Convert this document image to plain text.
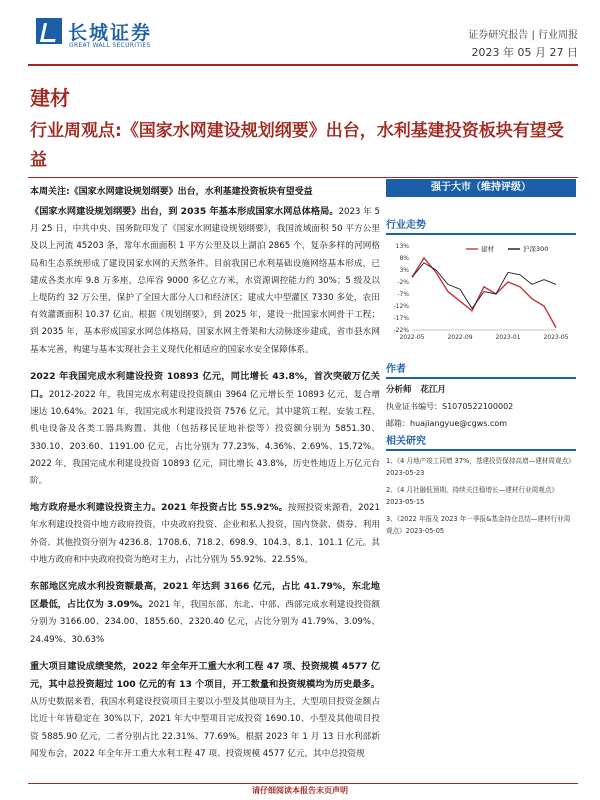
长城证券
GREAT WALL SECURITIES
证券研究报告 | 行业周报
2023 年 05 月 27 日
建材
行业周观点:《国家水网建设规划纲要》出台，水利基建投资板块有望受益
本周关注:《国家水网建设规划纲要》出台，水利基建投资板块有望受益	强于大市（维持评级）

《国家水网建设规划纲要》出台，到 2035 年基本形成国家水网总体格局。2023 年 5 月 25 日，中共中央、国务院印发了《国家水网建设规划纲要》，我国流域面积 50 平方公里及以上河流 45203 条，常年水面面积 1 平方公里及以上湖泊 2865 个，复杂多样的河网格局和生态系统形成了建设国家水网的天然条件。目前我国已水利基础设施网络基本形成，已建成各类水库 9.8 万多座，总库容 9000 多亿立方米，水资源调控能力约 30%；5 级及以上堤防约 32 万公里，保护了全国大部分人口和经济区；建成大中型灌区 7330 多处，农田有效灌溉面积 10.37 亿亩。根据《规划纲要》，到 2025 年，建设一批国家水网骨干工程；到 2035 年，基本形成国家水网总体格局，国家水网主骨架和大动脉逐步建成，省市县水网基本完善，构建与基本实现社会主义现代化相适应的国家水安全保障体系。

2022 年我国完成水利建设投资 10893 亿元，同比增长 43.8%，首次突破万亿关口。2012-2022 年，我国完成水利建设投资额由 3964 亿元增长至 10893 亿元，复合增速达 10.64%。2021 年，我国完成水利建设投资 7576 亿元，其中建筑工程、安装工程、机电设备及各类工器具购置、其他（包括移民征地补偿等）投资额分别为 5851.30、330.10、203.60、1191.00 亿元，占比分别为 77.23%、4.36%、2.69%、15.72%。2022 年，我国完成水利建设投资 10893 亿元，同比增长 43.8%，历史性地迈上万亿元台阶。

地方政府是水利建设投资主力。2021 年投资占比 55.92%。按照投资来源看，2021 年水利建设投资中地方政府投资，中央政府投资、企业和私人投资，国内贷款、债券、利用外资、其他投资分别为 4236.8、1708.6、718.2、698.9、104.3、8.1、101.1 亿元。其中地方政府和中央政府投资为绝对主力，占比分别为 55.92%、22.55%。

东部地区完成水利投资额最高，2021 年达到 3166 亿元，占比 41.79%，东北地区最低，占比仅为 3.09%。2021 年，我国东部、东北、中部、西部完成水利建设投资额分别为 3166.00、234.00、1855.60、2320.40 亿元，占比分别为 41.79%、3.09%、24.49%、30.63%

重大项目建设成绩斐然，2022 年全年开工重大水利工程 47 项、投资规模 4577 亿元，其中总投资超过 100 亿元的有 13 个项目，开工数量和投资规模均为历史最多。从历史数据来看，我国水利建设投资项目主要以小型及其他项目为主，大型项目投资金额占比近十年皆稳定在 30%以下，2021 年大中型项目完成投资 1690.10、小型及其他项目投资 5885.90 亿元，二者分别占比 22.31%、77.69%。根据 2023 年 1 月 13 日水利部新闻发布会，2022 年全年开工重大水利工程 47 项、投资规模 4577 亿元，其中总投资规

行业走势
13%
8%
3%
-2%
-7%
-12%
-17%
-22%
2022-05	2022-09	2023-01	2023-05
建材	沪深300
作者

分析师 花江月

执业证书编号：S1070522100002

邮箱：huajiangyue@cgws.com

相关研究
1、《4 月地产竣工同增 37%，基建投资保持高增—建材周观点》2023-05-23
2、《4 月社融低预期，持续关注稳增长—建材行业周观点》2023-05-15
3、《2022 年报及 2023 年一季报&基金持仓总结—建材行业周观点》2023-05-05
请仔细阅读本报告末页声明
